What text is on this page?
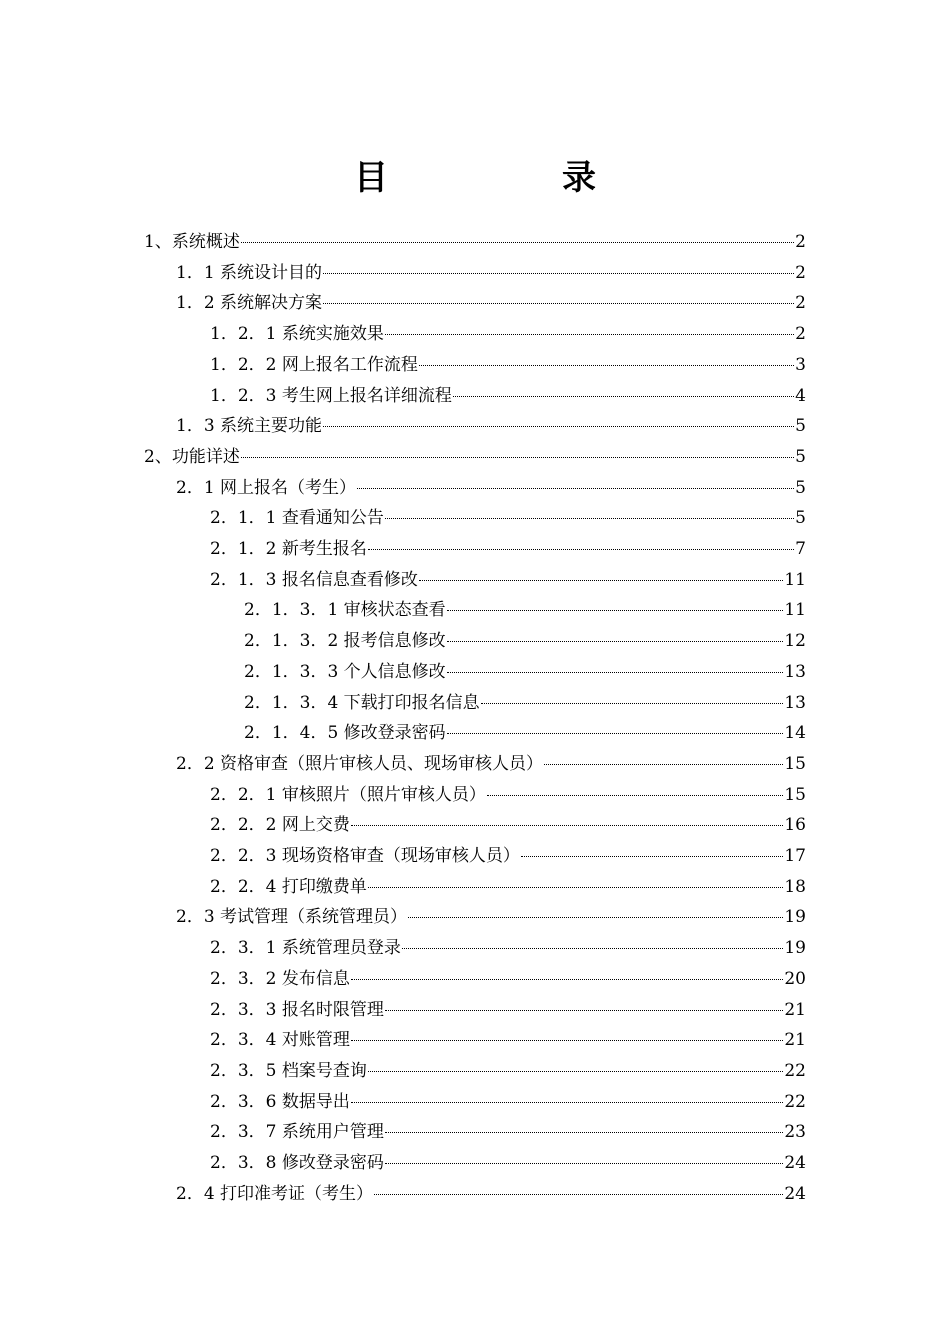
目　录
1、系统概述	2
1．1 系统设计目的	2
1．2 系统解决方案	2
1．2．1 系统实施效果	2
1．2．2 网上报名工作流程	3
1．2．3 考生网上报名详细流程	4
1．3 系统主要功能	5
2、功能详述	5
2．1 网上报名（考生）	5
2．1．1 查看通知公告	5
2．1．2 新考生报名	7
2．1．3 报名信息查看修改	11
2．1．3．1 审核状态查看	11
2．1．3．2 报考信息修改	12
2．1．3．3 个人信息修改	13
2．1．3．4 下载打印报名信息	13
2．1．4．5 修改登录密码	14
2．2 资格审查（照片审核人员、现场审核人员）	15
2．2．1 审核照片（照片审核人员）	15
2．2．2 网上交费	16
2．2．3 现场资格审查（现场审核人员）	17
2．2．4 打印缴费单	18
2．3 考试管理（系统管理员）	19
2．3．1 系统管理员登录	19
2．3．2 发布信息	20
2．3．3 报名时限管理	21
2．3．4 对账管理	21
2．3．5 档案号查询	22
2．3．6 数据导出	22
2．3．7 系统用户管理	23
2．3．8 修改登录密码	24
2．4 打印准考证（考生）	24
